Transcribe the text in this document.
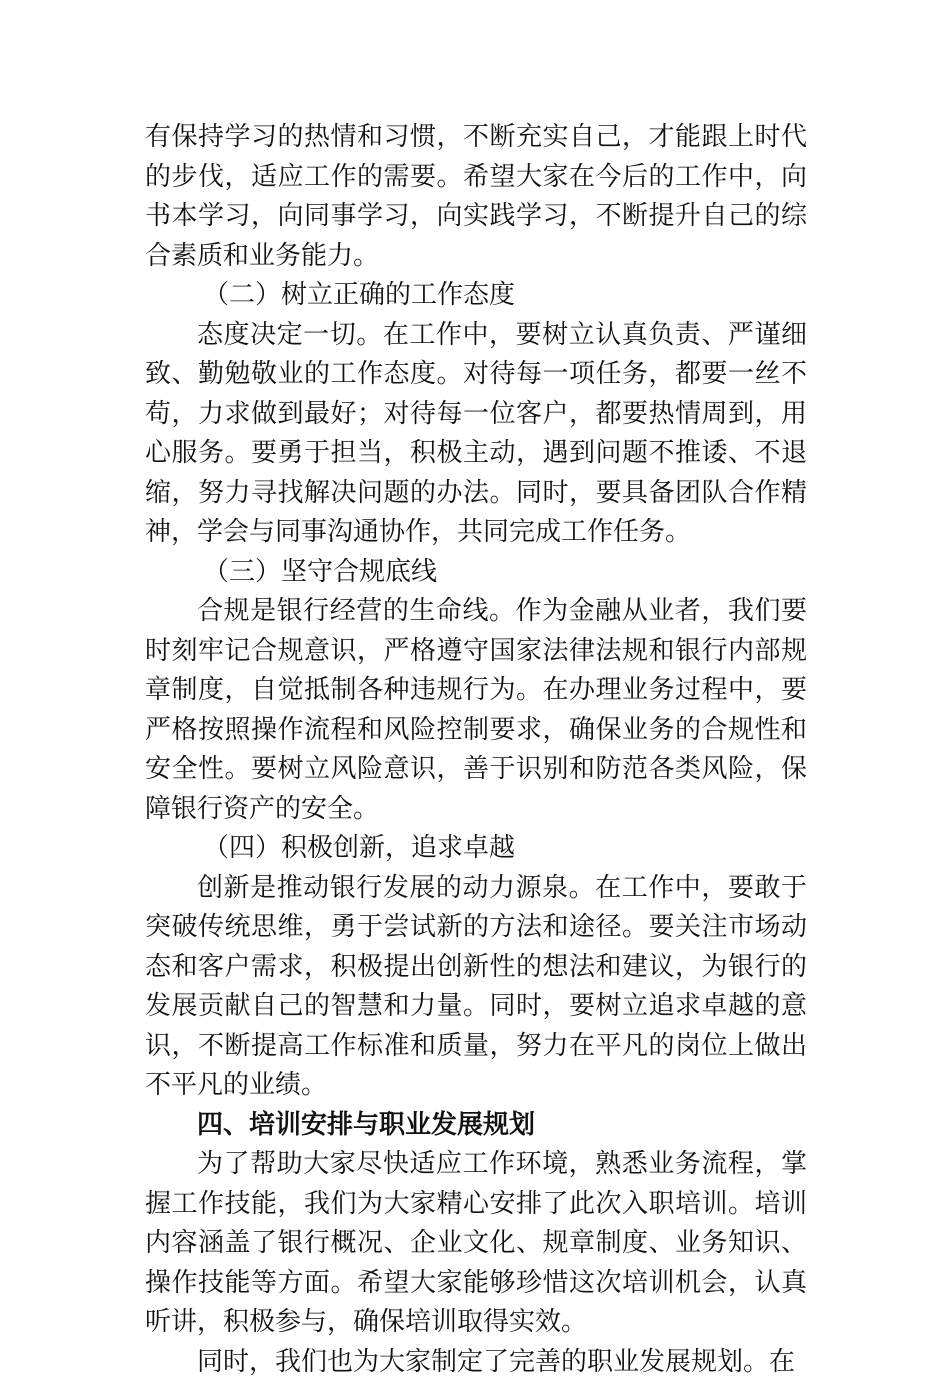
有保持学习的热情和习惯，不断充实自己，才能跟上时代的步伐，适应工作的需要。希望大家在今后的工作中，向书本学习，向同事学习，向实践学习，不断提升自己的综合素质和业务能力。

（二）树立正确的工作态度

态度决定一切。在工作中，要树立认真负责、严谨细致、勤勉敬业的工作态度。对待每一项任务，都要一丝不苟，力求做到最好；对待每一位客户，都要热情周到，用心服务。要勇于担当，积极主动，遇到问题不推诿、不退缩，努力寻找解决问题的办法。同时，要具备团队合作精神，学会与同事沟通协作，共同完成工作任务。

（三）坚守合规底线

合规是银行经营的生命线。作为金融从业者，我们要时刻牢记合规意识，严格遵守国家法律法规和银行内部规章制度，自觉抵制各种违规行为。在办理业务过程中，要严格按照操作流程和风险控制要求，确保业务的合规性和安全性。要树立风险意识，善于识别和防范各类风险，保障银行资产的安全。

（四）积极创新，追求卓越

创新是推动银行发展的动力源泉。在工作中，要敢于突破传统思维，勇于尝试新的方法和途径。要关注市场动态和客户需求，积极提出创新性的想法和建议，为银行的发展贡献自己的智慧和力量。同时，要树立追求卓越的意识，不断提高工作标准和质量，努力在平凡的岗位上做出不平凡的业绩。

四、培训安排与职业发展规划

为了帮助大家尽快适应工作环境，熟悉业务流程，掌握工作技能，我们为大家精心安排了此次入职培训。培训内容涵盖了银行概况、企业文化、规章制度、业务知识、操作技能等方面。希望大家能够珍惜这次培训机会，认真听讲，积极参与，确保培训取得实效。

同时，我们也为大家制定了完善的职业发展规划。在
